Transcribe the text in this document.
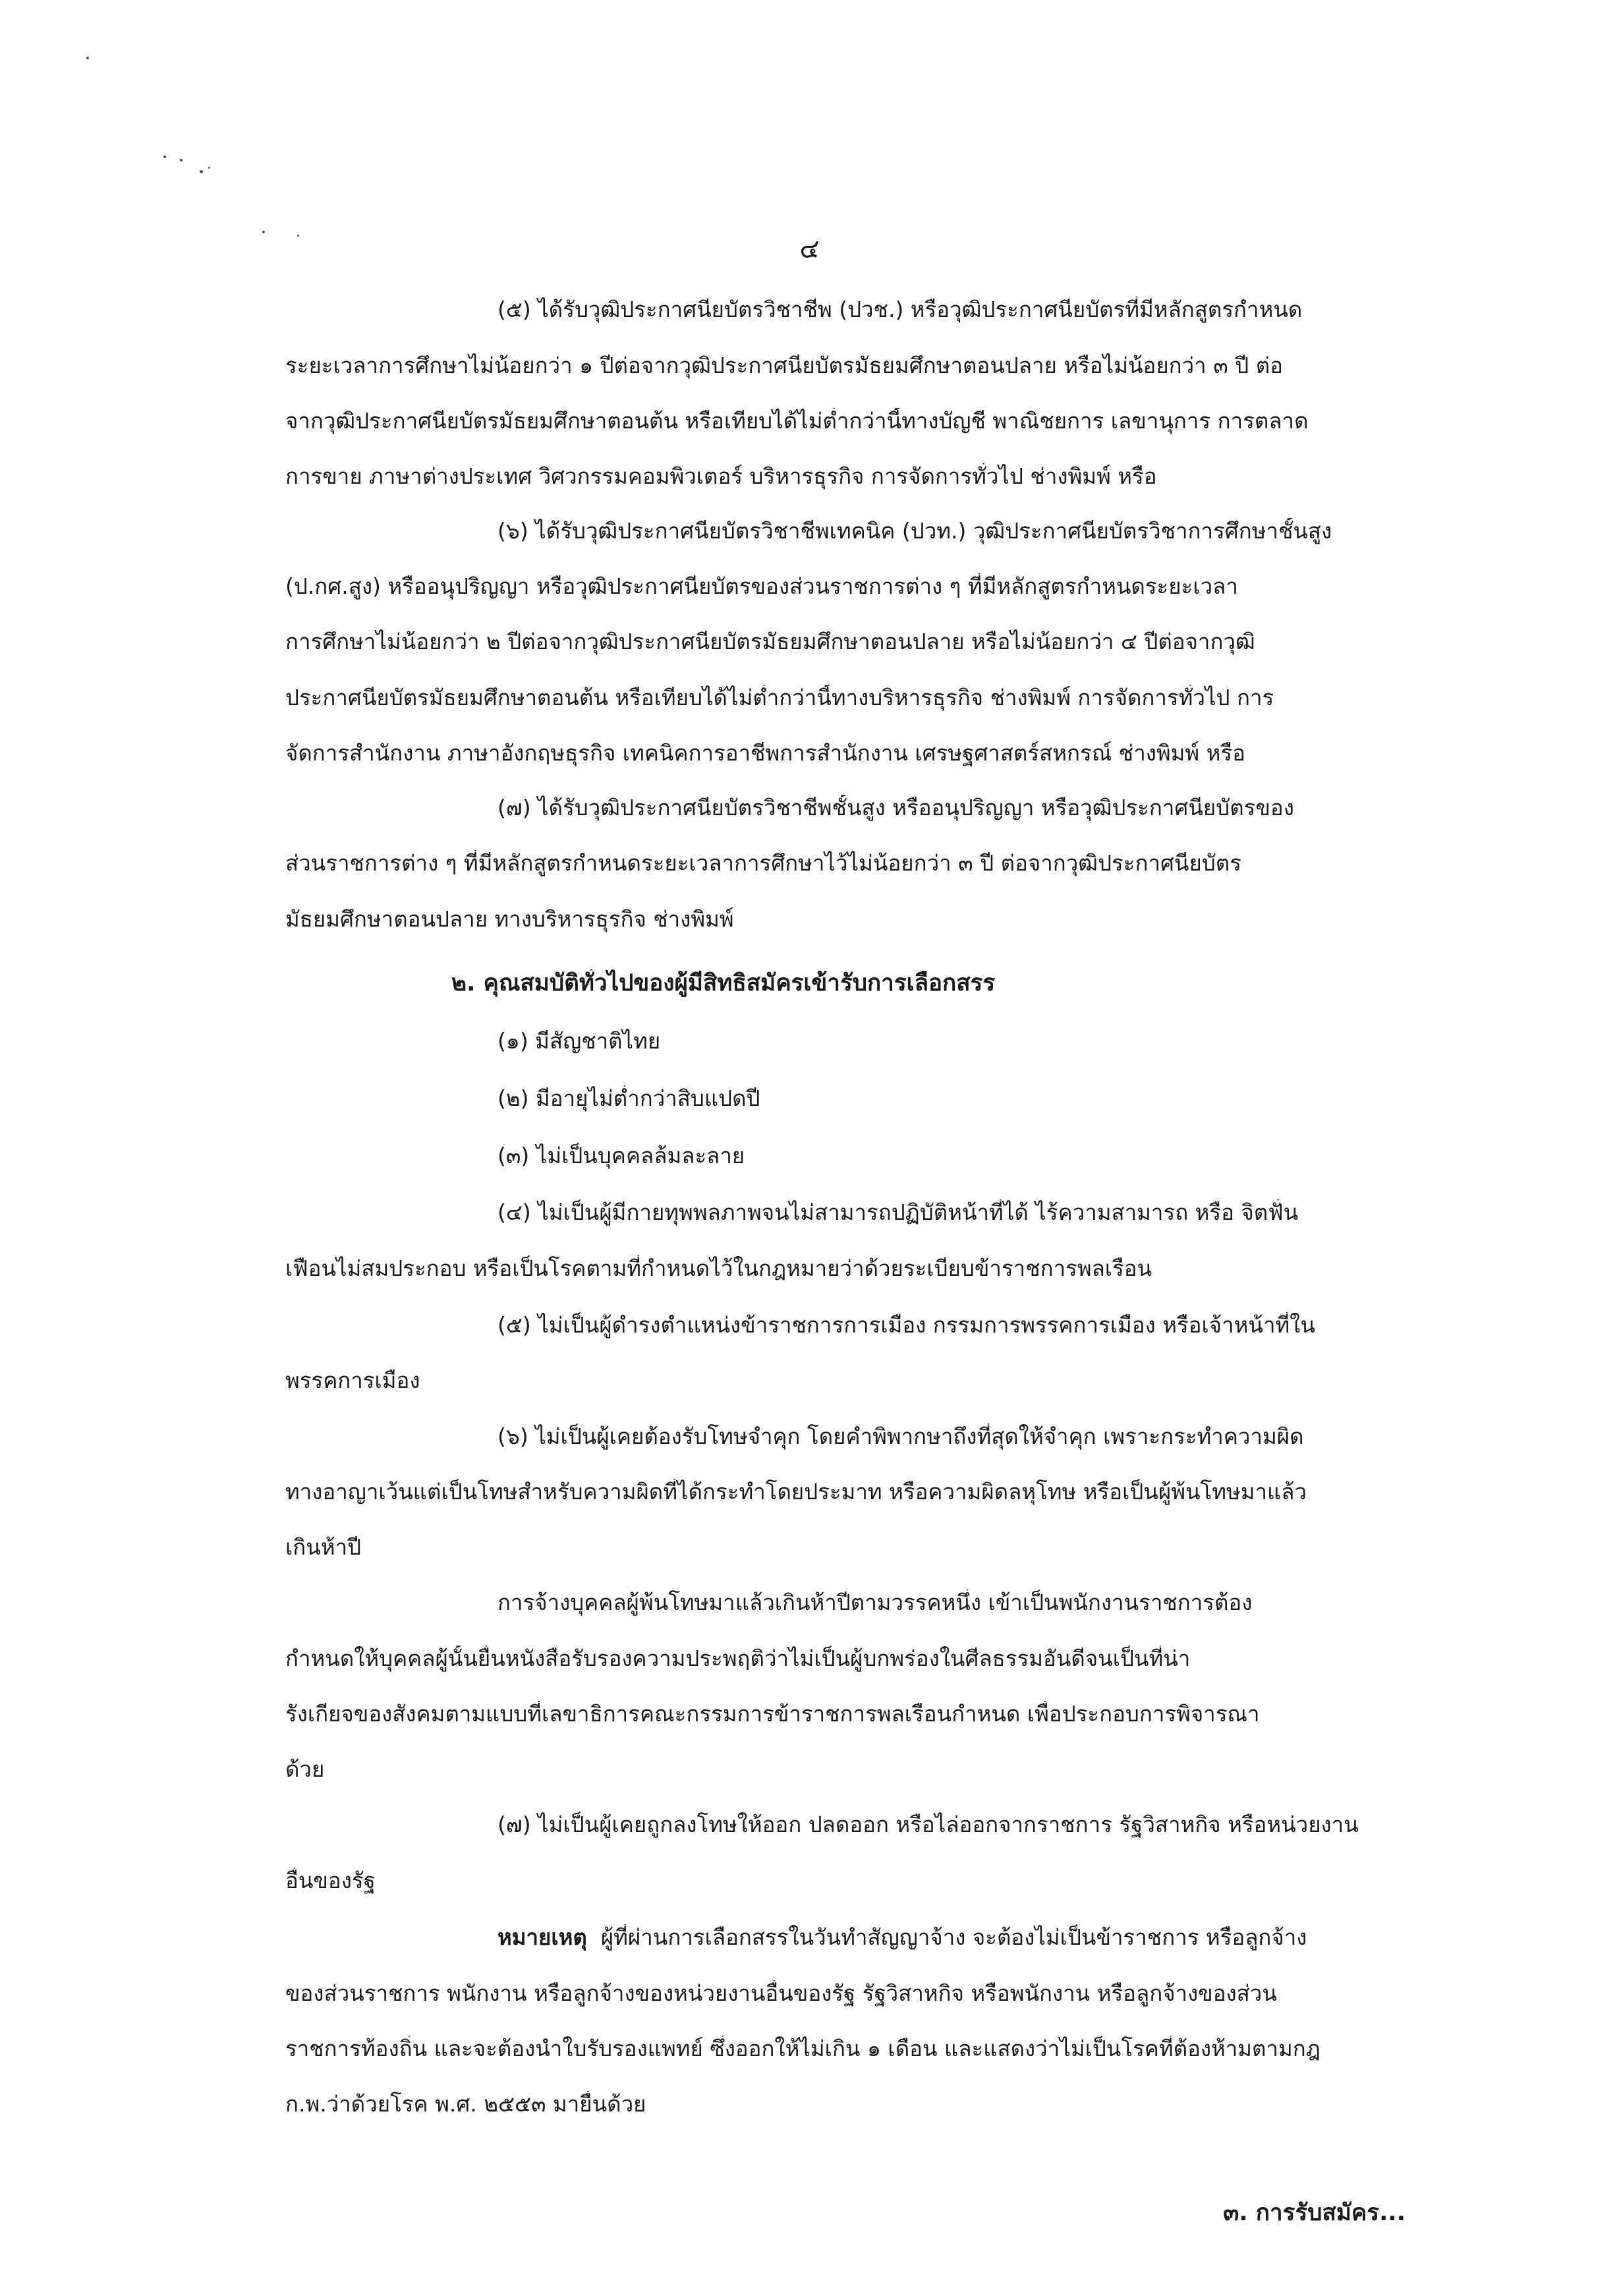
๔
(๕) ได้รับวุฒิประกาศนียบัตรวิชาชีพ (ปวช.) หรือวุฒิประกาศนียบัตรที่มีหลักสูตรกำหนด
ระยะเวลาการศึกษาไม่น้อยกว่า ๑ ปีต่อจากวุฒิประกาศนียบัตรมัธยมศึกษาตอนปลาย หรือไม่น้อยกว่า ๓ ปี ต่อ
จากวุฒิประกาศนียบัตรมัธยมศึกษาตอนต้น หรือเทียบได้ไม่ต่ำกว่านี้ทางบัญชี พาณิชยการ เลขานุการ การตลาด
การขาย ภาษาต่างประเทศ วิศวกรรมคอมพิวเตอร์ บริหารธุรกิจ การจัดการทั่วไป ช่างพิมพ์ หรือ
(๖) ได้รับวุฒิประกาศนียบัตรวิชาชีพเทคนิค (ปวท.) วุฒิประกาศนียบัตรวิชาการศึกษาชั้นสูง
(ป.กศ.สูง) หรืออนุปริญญา หรือวุฒิประกาศนียบัตรของส่วนราชการต่าง ๆ ที่มีหลักสูตรกำหนดระยะเวลา
การศึกษาไม่น้อยกว่า ๒ ปีต่อจากวุฒิประกาศนียบัตรมัธยมศึกษาตอนปลาย หรือไม่น้อยกว่า ๔ ปีต่อจากวุฒิ
ประกาศนียบัตรมัธยมศึกษาตอนต้น หรือเทียบได้ไม่ต่ำกว่านี้ทางบริหารธุรกิจ ช่างพิมพ์ การจัดการทั่วไป การ
จัดการสำนักงาน ภาษาอังกฤษธุรกิจ เทคนิคการอาชีพการสำนักงาน เศรษฐศาสตร์สหกรณ์ ช่างพิมพ์ หรือ
(๗) ได้รับวุฒิประกาศนียบัตรวิชาชีพชั้นสูง หรืออนุปริญญา หรือวุฒิประกาศนียบัตรของ
ส่วนราชการต่าง ๆ ที่มีหลักสูตรกำหนดระยะเวลาการศึกษาไว้ไม่น้อยกว่า ๓ ปี ต่อจากวุฒิประกาศนียบัตร
มัธยมศึกษาตอนปลาย ทางบริหารธุรกิจ ช่างพิมพ์
๒. คุณสมบัติทั่วไปของผู้มีสิทธิสมัครเข้ารับการเลือกสรร
(๑) มีสัญชาติไทย
(๒) มีอายุไม่ต่ำกว่าสิบแปดปี
(๓) ไม่เป็นบุคคลล้มละลาย
(๔) ไม่เป็นผู้มีกายทุพพลภาพจนไม่สามารถปฏิบัติหน้าที่ได้ ไร้ความสามารถ หรือ จิตฟั่น
เฟือนไม่สมประกอบ หรือเป็นโรคตามที่กำหนดไว้ในกฎหมายว่าด้วยระเบียบข้าราชการพลเรือน
(๕) ไม่เป็นผู้ดำรงตำแหน่งข้าราชการการเมือง กรรมการพรรคการเมือง หรือเจ้าหน้าที่ใน
พรรคการเมือง
(๖) ไม่เป็นผู้เคยต้องรับโทษจำคุก โดยคำพิพากษาถึงที่สุดให้จำคุก เพราะกระทำความผิด
ทางอาญาเว้นแต่เป็นโทษสำหรับความผิดที่ได้กระทำโดยประมาท หรือความผิดลหุโทษ หรือเป็นผู้พ้นโทษมาแล้ว
เกินห้าปี
การจ้างบุคคลผู้พ้นโทษมาแล้วเกินห้าปีตามวรรคหนึ่ง เข้าเป็นพนักงานราชการต้อง
กำหนดให้บุคคลผู้นั้นยื่นหนังสือรับรองความประพฤติว่าไม่เป็นผู้บกพร่องในศีลธรรมอันดีจนเป็นที่น่า
รังเกียจของสังคมตามแบบที่เลขาธิการคณะกรรมการข้าราชการพลเรือนกำหนด เพื่อประกอบการพิจารณา
ด้วย
(๗) ไม่เป็นผู้เคยถูกลงโทษให้ออก ปลดออก หรือไล่ออกจากราชการ รัฐวิสาหกิจ หรือหน่วยงาน
อื่นของรัฐ
หมายเหตุ ผู้ที่ผ่านการเลือกสรรในวันทำสัญญาจ้าง จะต้องไม่เป็นข้าราชการ หรือลูกจ้าง
ของส่วนราชการ พนักงาน หรือลูกจ้างของหน่วยงานอื่นของรัฐ รัฐวิสาหกิจ หรือพนักงาน หรือลูกจ้างของส่วน
ราชการท้องถิ่น และจะต้องนำใบรับรองแพทย์ ซึ่งออกให้ไม่เกิน ๑ เดือน และแสดงว่าไม่เป็นโรคที่ต้องห้ามตามกฎ
ก.พ.ว่าด้วยโรค พ.ศ. ๒๕๕๓ มายื่นด้วย
๓. การรับสมัคร...
